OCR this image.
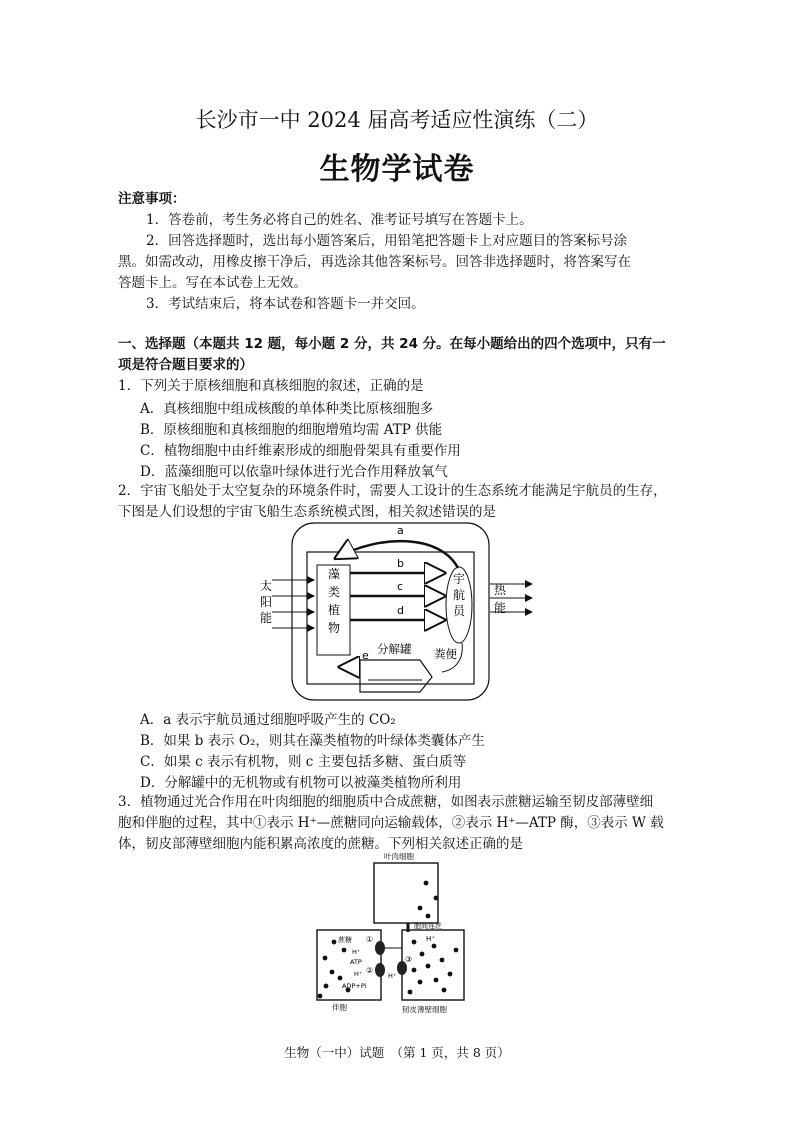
长沙市一中 2024 届高考适应性演练（二）
生物学试卷
注意事项：
1．答卷前，考生务必将自己的姓名、准考证号填写在答题卡上。
2．回答选择题时，选出每小题答案后，用铅笔把答题卡上对应题目的答案标号涂
黑。如需改动，用橡皮擦干净后，再选涂其他答案标号。回答非选择题时，将答案写在
答题卡上。写在本试卷上无效。
3．考试结束后，将本试卷和答题卡一并交回。
一、选择题（本题共 12 题，每小题 2 分，共 24 分。在每小题给出的四个选项中，只有一
项是符合题目要求的）
1．下列关于原核细胞和真核细胞的叙述，正确的是
A．真核细胞中组成核酸的单体种类比原核细胞多
B．原核细胞和真核细胞的细胞增殖均需 ATP 供能
C．植物细胞中由纤维素形成的细胞骨架具有重要作用
D．蓝藻细胞可以依靠叶绿体进行光合作用释放氧气
2．宇宙飞船处于太空复杂的环境条件时，需要人工设计的生态系统才能满足宇航员的生存，
下图是人们设想的宇宙飞船生态系统模式图，相关叙述错误的是
太
阳
能
藻
类
植
物
宇
航
员
热
能
a
b
c
d
e 分解罐 粪便
A．a 表示宇航员通过细胞呼吸产生的 CO₂
B．如果 b 表示 O₂，则其在藻类植物的叶绿体类囊体产生
C．如果 c 表示有机物，则 c 主要包括多糖、蛋白质等
D．分解罐中的无机物或有机物可以被藻类植物所利用
3．植物通过光合作用在叶肉细胞的细胞质中合成蔗糖，如图表示蔗糖运输至韧皮部薄壁细
胞和伴胞的过程，其中①表示 H⁺—蔗糖同向运输载体，②表示 H⁺—ATP 酶，③表示 W 载
体，韧皮部薄壁细胞内能积累高浓度的蔗糖。下列相关叙述正确的是
叶肉细胞
伴胞	韧皮薄壁细胞
胞间连丝
①
②
③
蔗糖
H⁺
ATP
H⁺
ADP+Pi
H⁺
H⁺
生物（一中）试题　（第 1 页，共 8 页）
